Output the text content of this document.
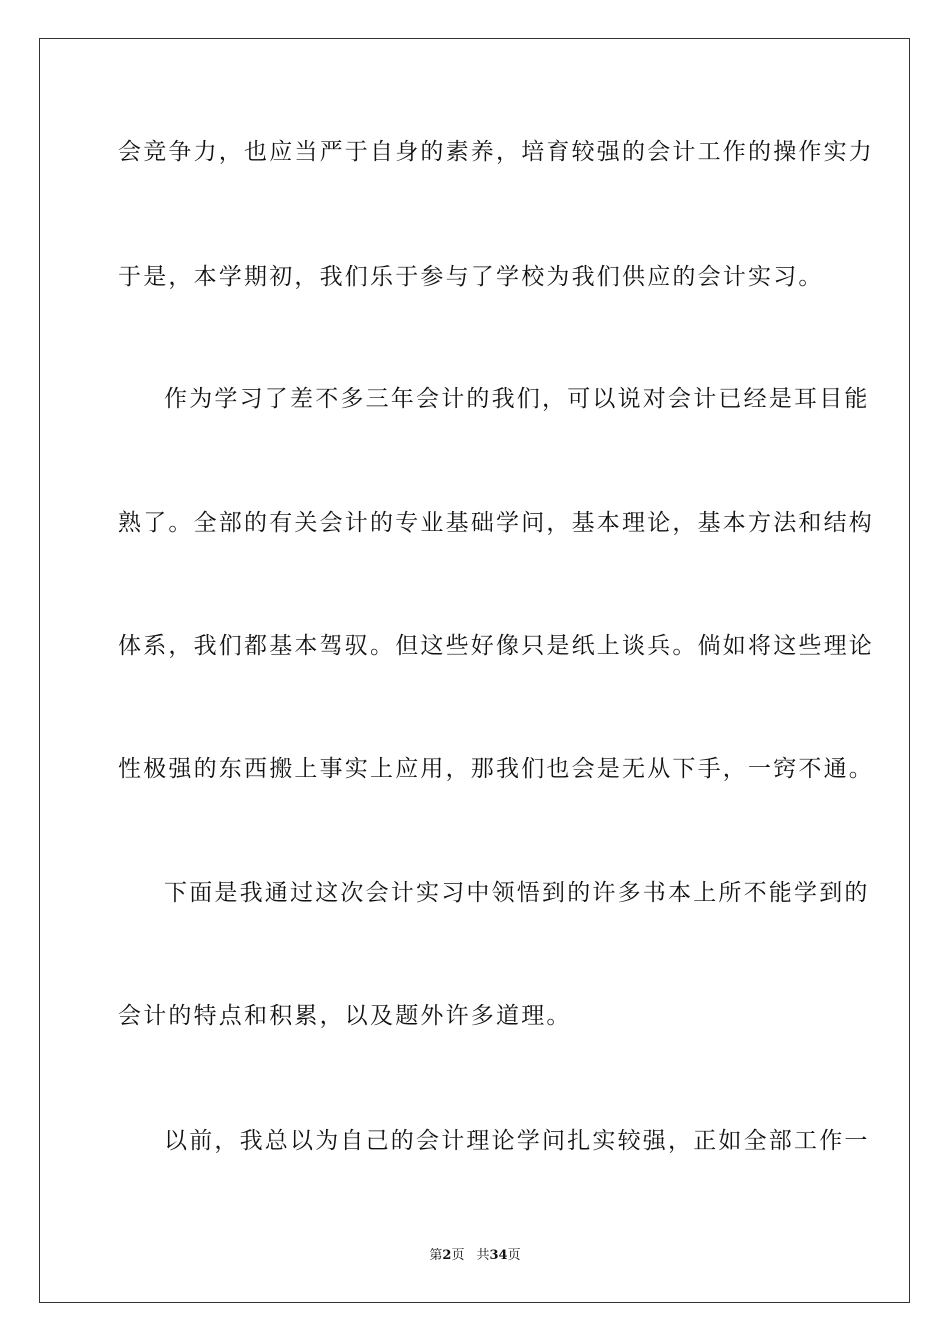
会竞争力，也应当严于自身的素养，培育较强的会计工作的操作实力
于是，本学期初，我们乐于参与了学校为我们供应的会计实习。
作为学习了差不多三年会计的我们，可以说对会计已经是耳目能
熟了。全部的有关会计的专业基础学问，基本理论，基本方法和结构
体系，我们都基本驾驭。但这些好像只是纸上谈兵。倘如将这些理论
性极强的东西搬上事实上应用，那我们也会是无从下手，一窍不通。
下面是我通过这次会计实习中领悟到的许多书本上所不能学到的
会计的特点和积累，以及题外许多道理。
以前，我总以为自己的会计理论学问扎实较强，正如全部工作一
第2页 共34页
